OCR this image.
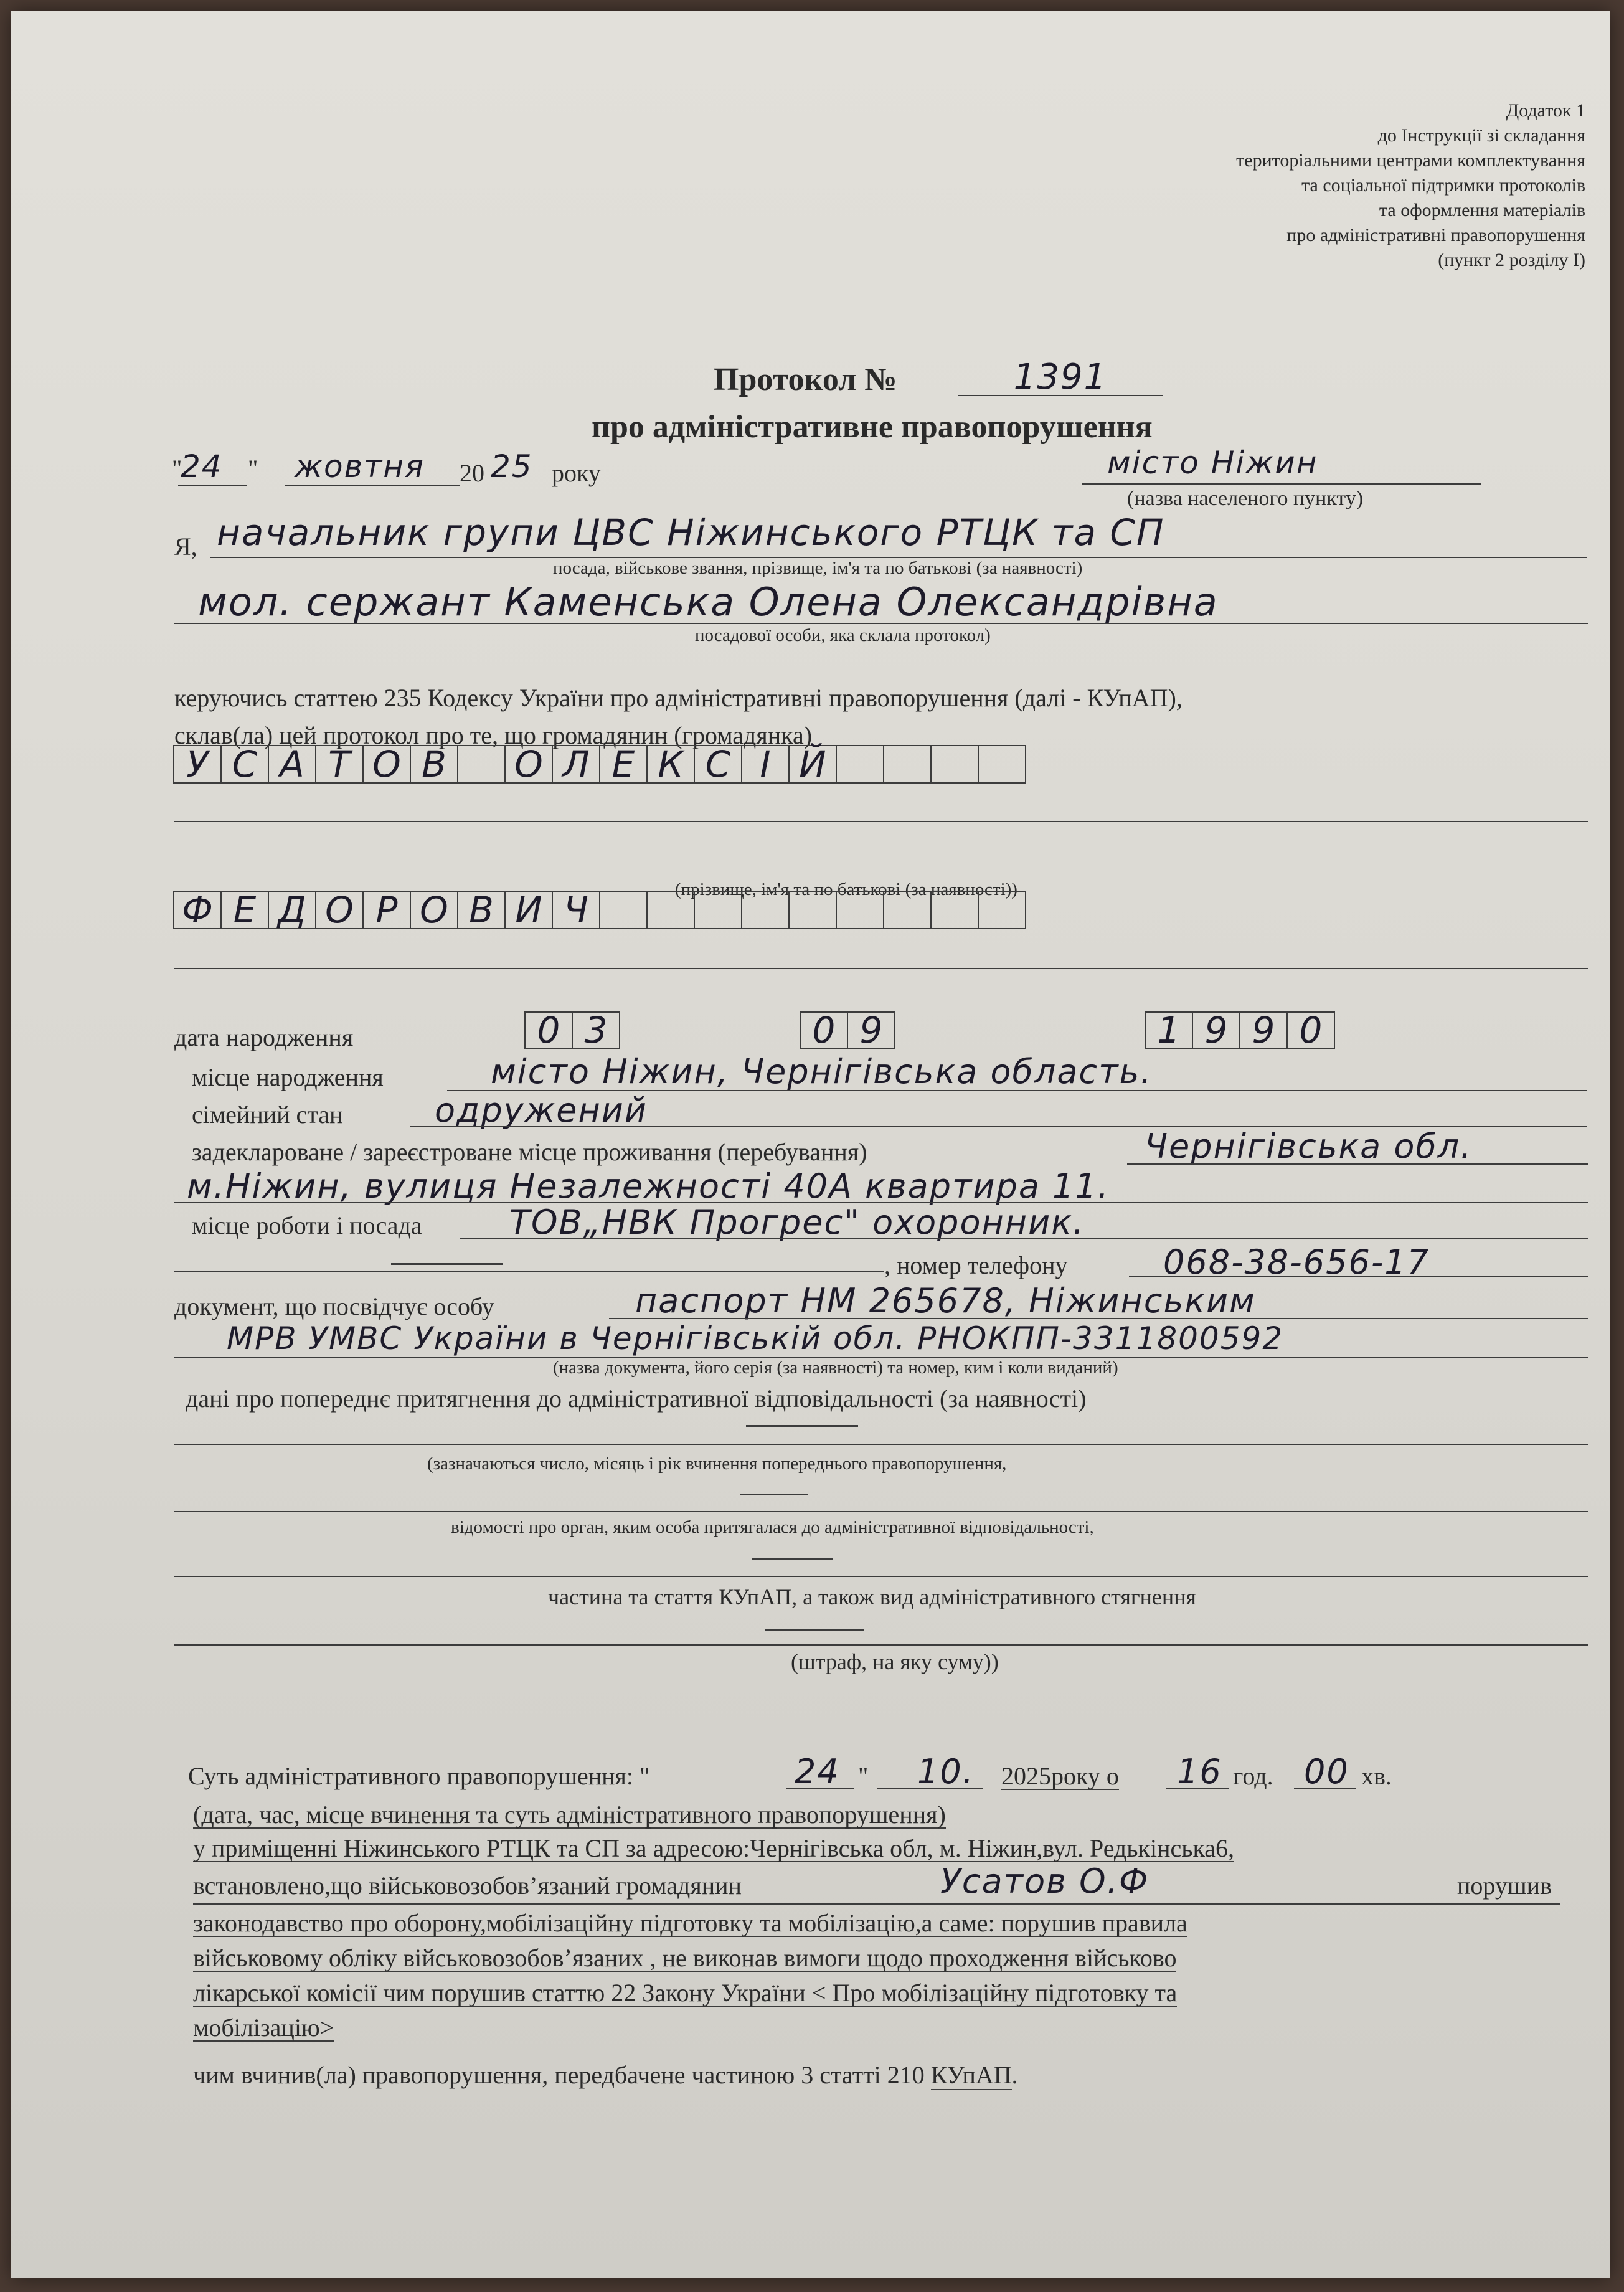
Додаток 1
до Інструкції зі складання
територіальними центрами комплектування
та соціальної підтримки протоколів
та оформлення матеріалів
про адміністративні правопорушення
(пункт 2 розділу I)
Протокол №	1391
про адміністративне правопорушення
"
24 " жовтня 20 25 року	місто Ніжин
(назва населеного пункту)
Я, начальник групи ЦВС Ніжинського РТЦК та СП
посада, військове звання, прізвище, ім'я та по батькові (за наявності)
мол. сержант Каменська Олена Олександрівна
посадової особи, яка склала протокол)
керуючись статтею 235 Кодексу України про адміністративні правопорушення (далі - КУпАП),
склав(ла) цей протокол про те, що громадянин (громадянка)
У С А Т О В	О Л Е К С І Й
(прізвище, ім'я та по батькові (за наявності))
Ф Е Д О Р О В И Ч
дата народження	0 3	0 9	1 9 9 0
місце народження	місто Ніжин, Чернігівська область.
сімейний стан	одружений
задеклароване / зареєстроване місце проживання (перебування)	Чернігівська обл.
м.Ніжин, вулиця Незалежності 40А квартира 11.
місце роботи і посада	ТОВ„НВК Прогрес" охоронник.
, номер телефону	068-38-656-17
документ, що посвідчує особу	паспорт НМ 265678, Ніжинським
МРВ УМВС України в Чернігівській обл. РНОКПП-3311800592
(назва документа, його серія (за наявності) та номер, ким і коли виданий)
дані про попереднє притягнення до адміністративної відповідальності (за наявності)
(зазначаються число, місяць і рік вчинення попереднього правопорушення,
відомості про орган, яким особа притягалася до адміністративної відповідальності,
частина та стаття КУпАП, а також вид адміністративного стягнення
(штраф, на яку суму))
Суть адміністративного правопорушення: "	24 " 10. 2025року о 16 год. 00 хв.
(дата, час, місце вчинення та суть адміністративного правопорушення)
у приміщенні Ніжинського РТЦК та СП за адресою:Чернігівська обл, м. Ніжин,вул. Редькінська6,
встановлено,що військовозобов’язаний громадянин	Усатов О.Ф	порушив
законодавство про оборону,мобілізаційну підготовку та мобілізацію,а саме: порушив правила
військовому обліку військовозобов’язаних , не виконав вимоги щодо проходження військово
лікарської комісії чим порушив статтю 22 Закону України < Про мобілізаційну підготовку та
мобілізацію>
чим вчинив(ла) правопорушення, передбачене частиною 3 статті 210 КУпАП.
